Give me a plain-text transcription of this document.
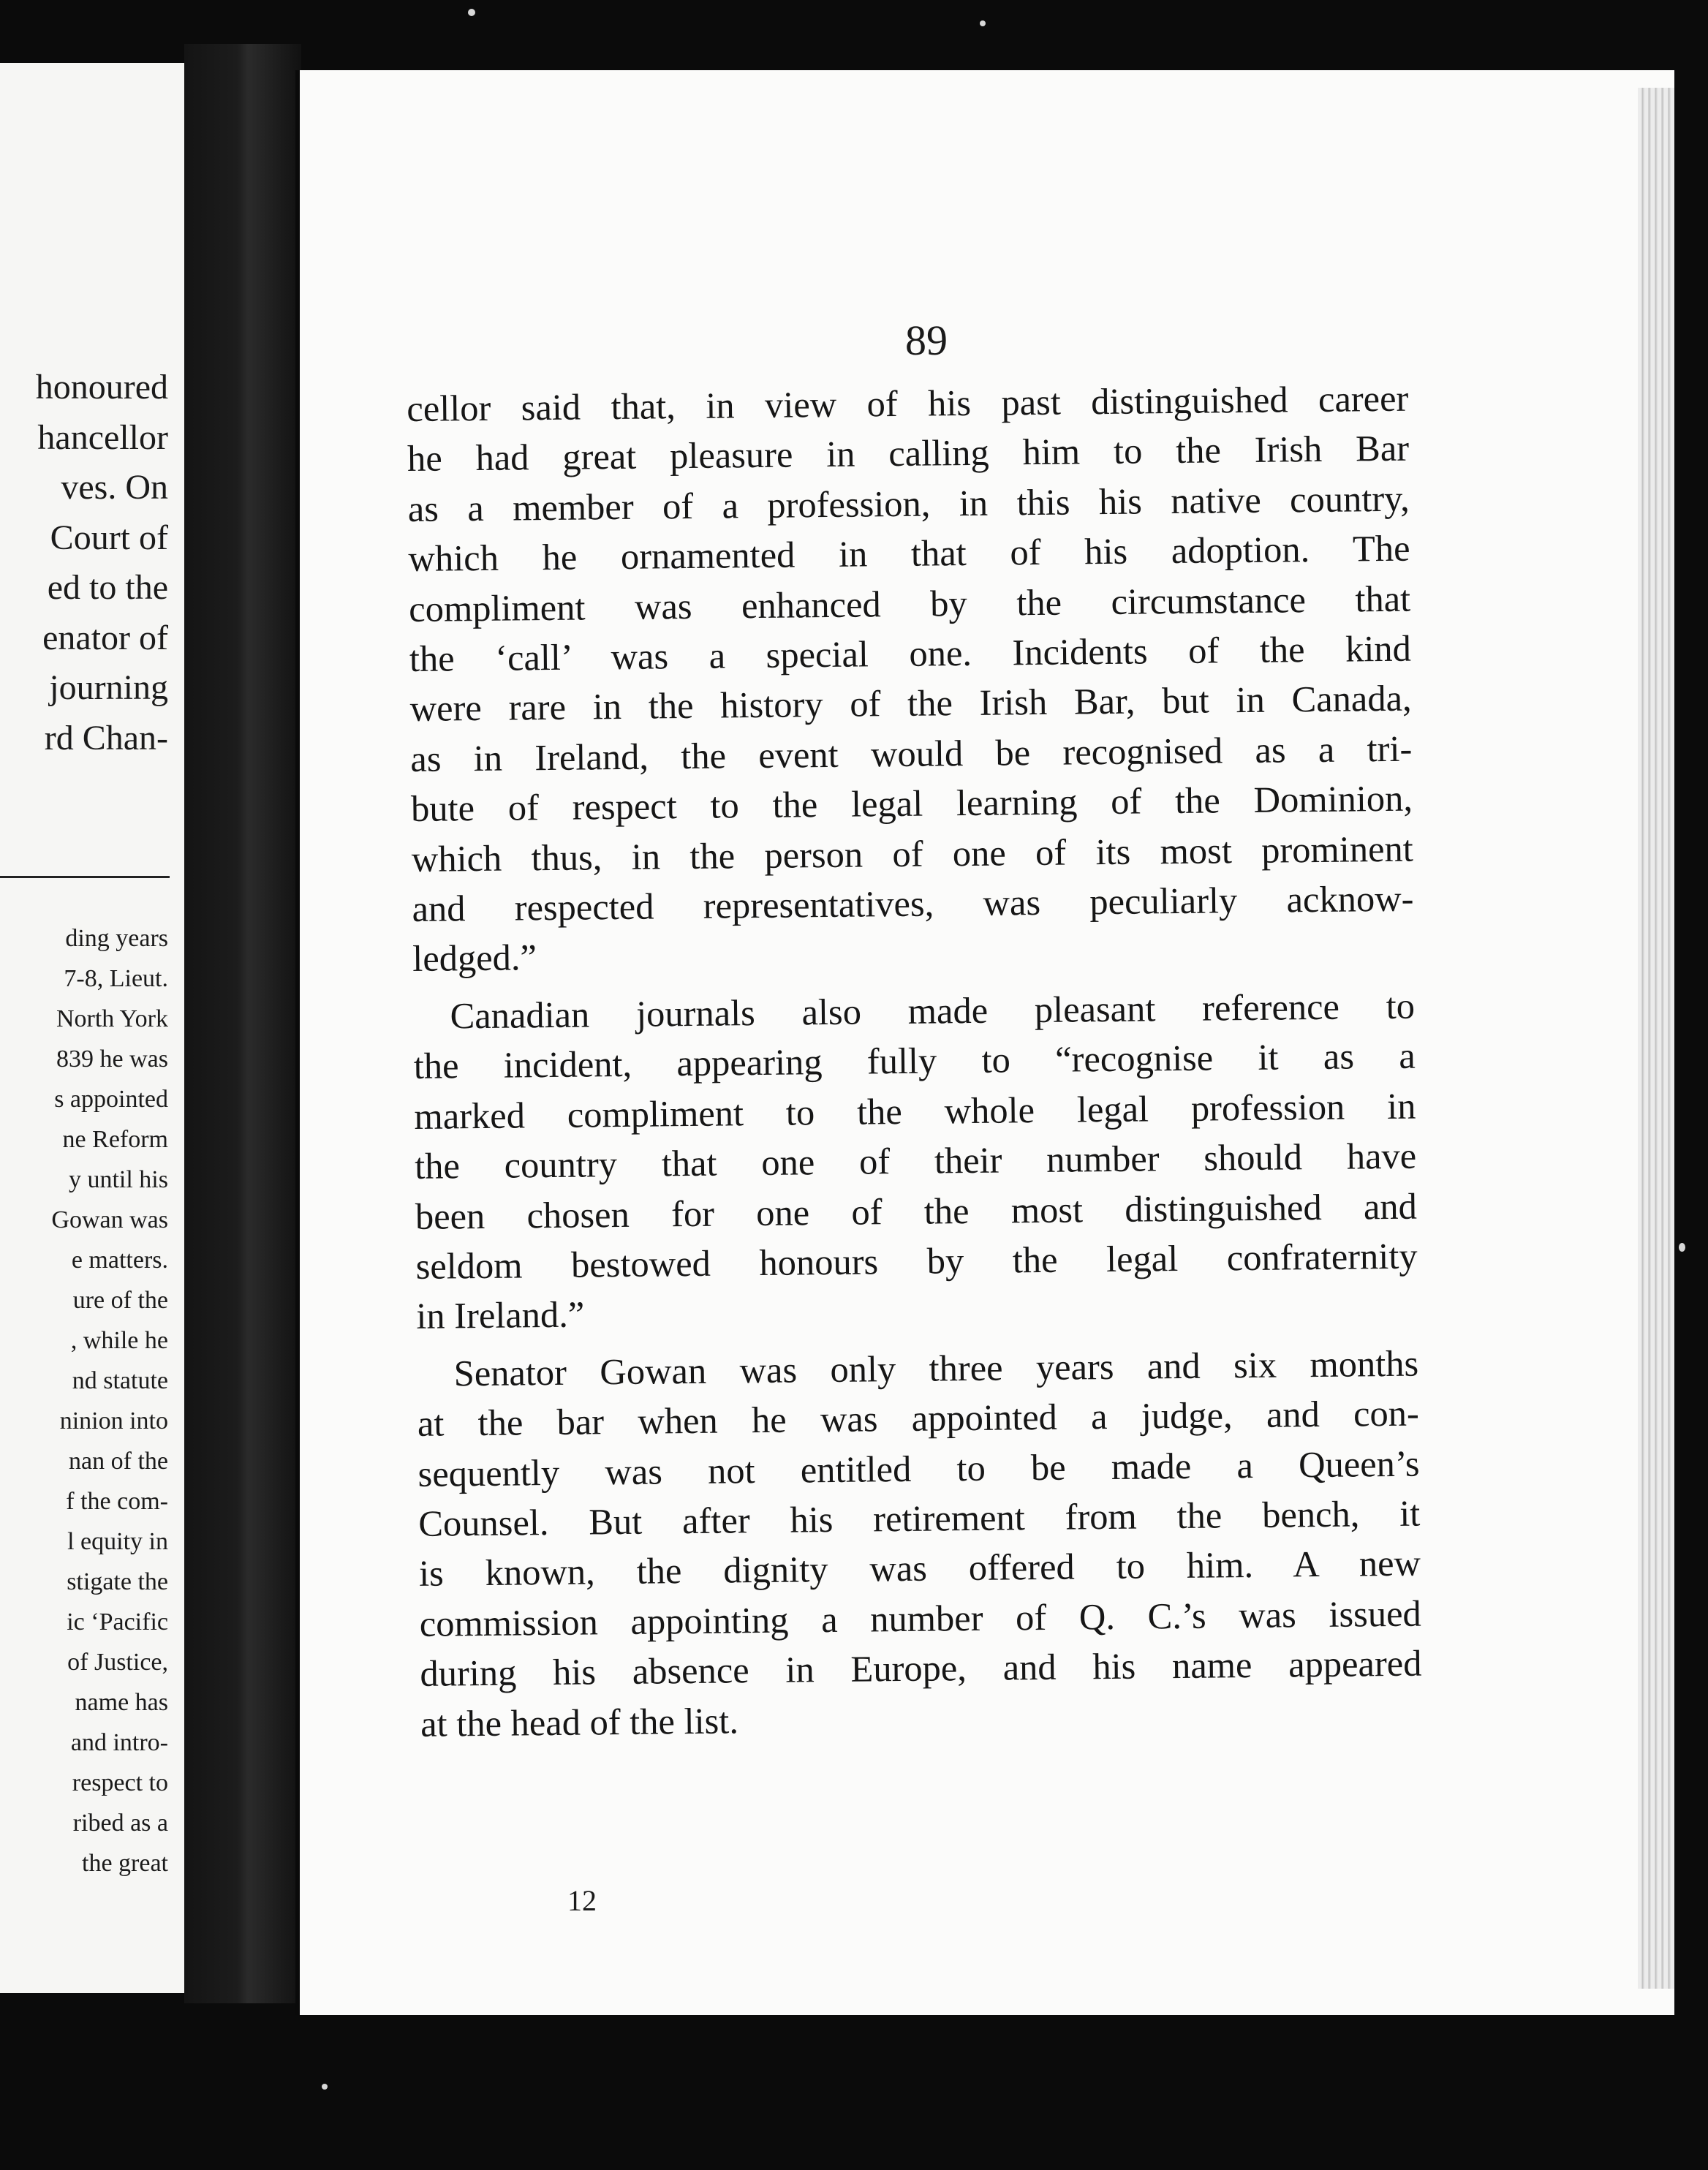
honoured
hancellor
ves. On
Court of
ed to the
enator of
journing
rd Chan-
ding years
7-8, Lieut.
North York
839 he was
s appointed
ne Reform
y until his
Gowan was
e matters.
ure of the
, while he
nd statute
ninion into
nan of the
f the com-
l equity in
stigate the
ic ‘Pacific
of Justice,
name has
and intro-
respect to
ribed as a
the great
89

cellor said that, in view of his past distinguished career
he had great pleasure in calling him to the Irish Bar
as a member of a profession, in this his native country,
which he ornamented in that of his adoption. The
compliment was enhanced by the circumstance that
the ‘call’ was a special one. Incidents of the kind
were rare in the history of the Irish Bar, but in Canada,
as in Ireland, the event would be recognised as a tri-
bute of respect to the legal learning of the Dominion,
which thus, in the person of one of its most prominent
and respected representatives, was peculiarly acknow-
ledged.”

 Canadian journals also made pleasant reference to
the incident, appearing fully to “recognise it as a
marked compliment to the whole legal profession in
the country that one of their number should have
been chosen for one of the most distinguished and
seldom bestowed honours by the legal confraternity
in Ireland.”

 Senator Gowan was only three years and six months
at the bar when he was appointed a judge, and con-
sequently was not entitled to be made a Queen’s
Counsel. But after his retirement from the bench, it
is known, the dignity was offered to him. A new
commission appointing a number of Q. C.’s was issued
during his absence in Europe, and his name appeared
at the head of the list.

12
